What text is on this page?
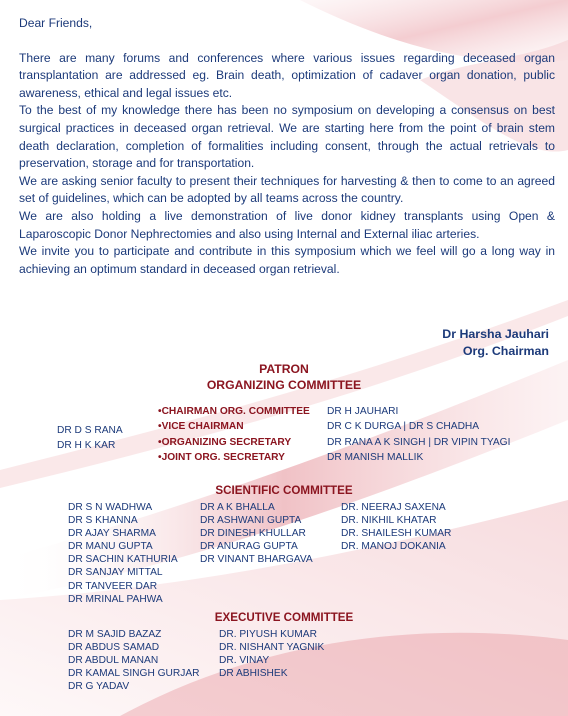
Dear Friends,

There are many forums and conferences where various issues regarding deceased organ transplantation are addressed eg. Brain death, optimization of cadaver organ donation, public awareness, ethical and legal issues etc.

To the best of my knowledge there has been no symposium on developing a consensus on best surgical practices in deceased organ retrieval. We are starting here from the point of brain stem death declaration, completion of formalities including consent, through the actual retrievals to preservation, storage and for transportation.

We are asking senior faculty to present their techniques for harvesting & then to come to an agreed set of guidelines, which can be adopted by all teams across the country.

We are also holding a live demonstration of live donor kidney transplants using Open & Laparoscopic Donor Nephrectomies and also using Internal and External iliac arteries.

We invite you to participate and contribute in this symposium which we feel will go a long way in achieving an optimum standard in deceased organ retrieval.

Dr Harsha Jauhari
Org. Chairman
PATRON
ORGANIZING COMMITTEE
DR D S RANA
DR H K KAR
•CHAIRMAN ORG. COMMITTEE
•VICE CHAIRMAN
•ORGANIZING SECRETARY
•JOINT ORG. SECRETARY
DR H JAUHARI
DR C K DURGA | DR S CHADHA
DR RANA A K SINGH | DR VIPIN TYAGI
DR MANISH MALLIK
SCIENTIFIC COMMITTEE
DR S N WADHWA
DR S KHANNA
DR AJAY SHARMA
DR MANU GUPTA
DR SACHIN KATHURIA
DR SANJAY MITTAL
DR TANVEER DAR
DR MRINAL PAHWA
DR A K BHALLA
DR ASHWANI GUPTA
DR DINESH KHULLAR
DR ANURAG GUPTA
DR VINANT BHARGAVA
DR. NEERAJ SAXENA
DR. NIKHIL KHATAR
DR. SHAILESH KUMAR
DR. MANOJ DOKANIA
EXECUTIVE COMMITTEE
DR M SAJID BAZAZ
DR ABDUS SAMAD
DR ABDUL MANAN
DR KAMAL SINGH GURJAR
DR G YADAV
DR. PIYUSH KUMAR
DR. NISHANT YAGNIK
DR. VINAY
DR ABHISHEK
